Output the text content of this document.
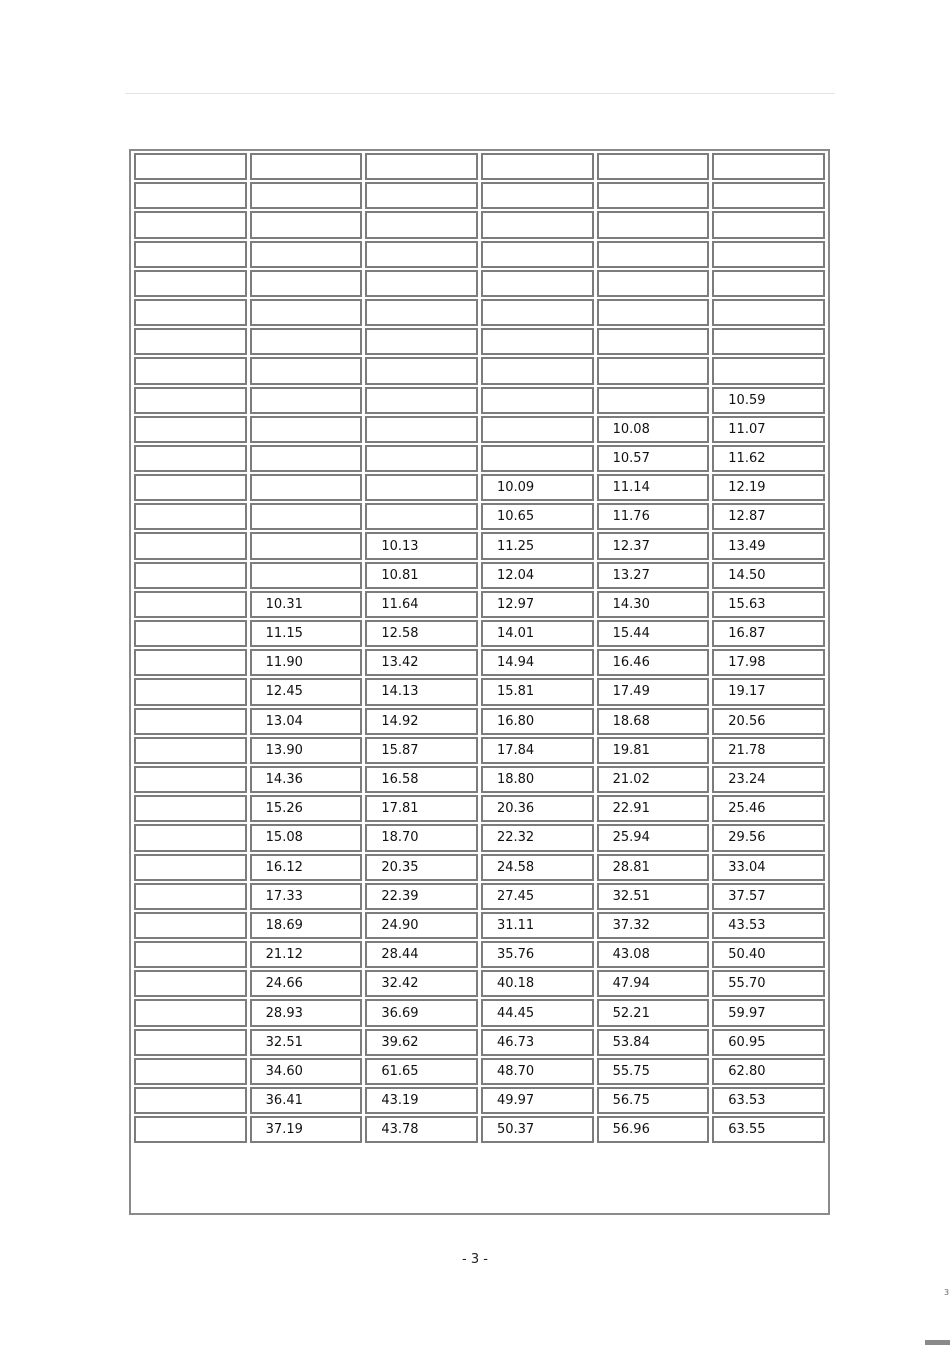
					10.59
				10.08	11.07
				10.57	11.62
			10.09	11.14	12.19
			10.65	11.76	12.87
		10.13	11.25	12.37	13.49
		10.81	12.04	13.27	14.50
	10.31	11.64	12.97	14.30	15.63
	11.15	12.58	14.01	15.44	16.87
	11.90	13.42	14.94	16.46	17.98
	12.45	14.13	15.81	17.49	19.17
	13.04	14.92	16.80	18.68	20.56
	13.90	15.87	17.84	19.81	21.78
	14.36	16.58	18.80	21.02	23.24
	15.26	17.81	20.36	22.91	25.46
	15.08	18.70	22.32	25.94	29.56
	16.12	20.35	24.58	28.81	33.04
	17.33	22.39	27.45	32.51	37.57
	18.69	24.90	31.11	37.32	43.53
	21.12	28.44	35.76	43.08	50.40
	24.66	32.42	40.18	47.94	55.70
	28.93	36.69	44.45	52.21	59.97
	32.51	39.62	46.73	53.84	60.95
	34.60	61.65	48.70	55.75	62.80
	36.41	43.19	49.97	56.75	63.53
	37.19	43.78	50.37	56.96	63.55
- 3 -
3
